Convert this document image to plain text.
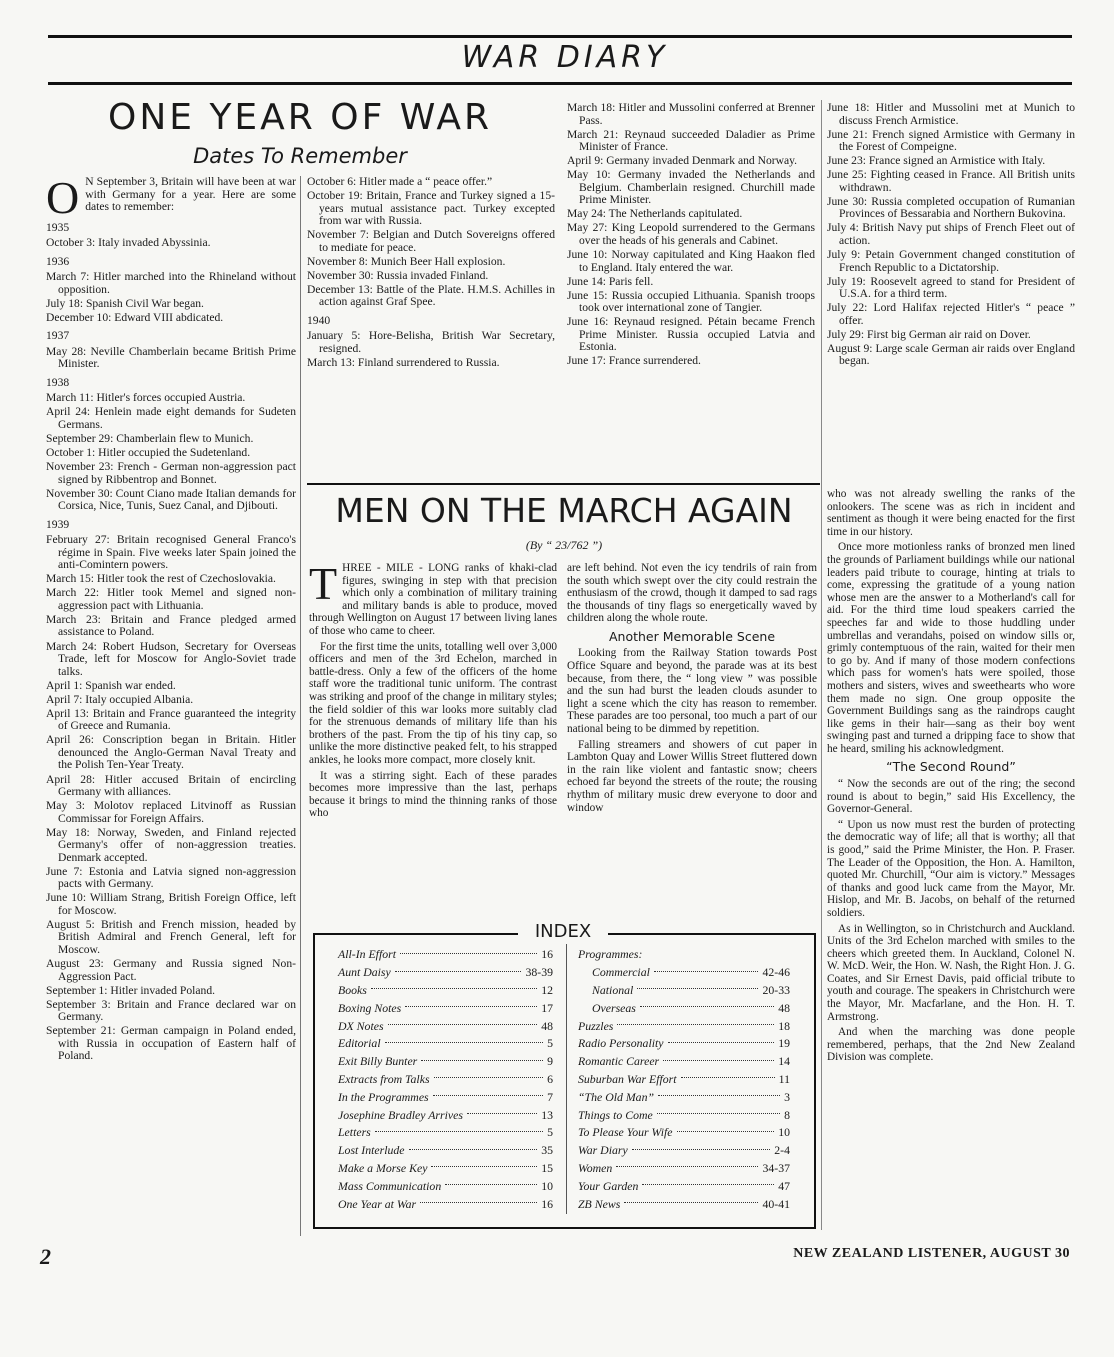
WAR DIARY
ONE YEAR OF WAR
Dates To Remember
O N September 3, Britain will have been at war with Germany for a year. Here are some dates to remember:
1935
October 3: Italy invaded Abyssinia.
1936
March 7: Hitler marched into the Rhineland without opposition.
July 18: Spanish Civil War began.
December 10: Edward VIII abdicated.
1937
May 28: Neville Chamberlain became British Prime Minister.
1938
March 11: Hitler's forces occupied Austria.
April 24: Henlein made eight demands for Sudeten Germans.
September 29: Chamberlain flew to Munich.
October 1: Hitler occupied the Sudetenland.
November 23: French - German non-aggression pact signed by Ribbentrop and Bonnet.
November 30: Count Ciano made Italian demands for Corsica, Nice, Tunis, Suez Canal, and Djibouti.
1939
February 27: Britain recognised General Franco's régime in Spain. Five weeks later Spain joined the anti-Comintern powers.
March 15: Hitler took the rest of Czechoslovakia.
March 22: Hitler took Memel and signed non-aggression pact with Lithuania.
March 23: Britain and France pledged armed assistance to Poland.
March 24: Robert Hudson, Secretary for Overseas Trade, left for Moscow for Anglo-Soviet trade talks.
April 1: Spanish war ended.
April 7: Italy occupied Albania.
April 13: Britain and France guaranteed the integrity of Greece and Rumania.
April 26: Conscription began in Britain. Hitler denounced the Anglo-German Naval Treaty and the Polish Ten-Year Treaty.
April 28: Hitler accused Britain of encircling Germany with alliances.
May 3: Molotov replaced Litvinoff as Russian Commissar for Foreign Affairs.
May 18: Norway, Sweden, and Finland rejected Germany's offer of non-aggression treaties. Denmark accepted.
June 7: Estonia and Latvia signed non-aggression pacts with Germany.
June 10: William Strang, British Foreign Office, left for Moscow.
August 5: British and French mission, headed by British Admiral and French General, left for Moscow.
August 23: Germany and Russia signed Non-Aggression Pact.
September 1: Hitler invaded Poland.
September 3: Britain and France declared war on Germany.
September 21: German campaign in Poland ended, with Russia in occupation of Eastern half of Poland.
October 6: Hitler made a “ peace offer.”
October 19: Britain, France and Turkey signed a 15-years mutual assistance pact. Turkey excepted from war with Russia.
November 7: Belgian and Dutch Sovereigns offered to mediate for peace.
November 8: Munich Beer Hall explosion.
November 30: Russia invaded Finland.
December 13: Battle of the Plate. H.M.S. Achilles in action against Graf Spee.
1940
January 5: Hore-Belisha, British War Secretary, resigned.
March 13: Finland surrendered to Russia.
March 18: Hitler and Mussolini conferred at Brenner Pass.
March 21: Reynaud succeeded Daladier as Prime Minister of France.
April 9: Germany invaded Denmark and Norway.
May 10: Germany invaded the Netherlands and Belgium. Chamberlain resigned. Churchill made Prime Minister.
May 24: The Netherlands capitulated.
May 27: King Leopold surrendered to the Germans over the heads of his generals and Cabinet.
June 10: Norway capitulated and King Haakon fled to England. Italy entered the war.
June 14: Paris fell.
June 15: Russia occupied Lithuania. Spanish troops took over international zone of Tangier.
June 16: Reynaud resigned. Pétain became French Prime Minister. Russia occupied Latvia and Estonia.
June 17: France surrendered.
June 18: Hitler and Mussolini met at Munich to discuss French Armistice.
June 21: French signed Armistice with Germany in the Forest of Compeigne.
June 23: France signed an Armistice with Italy.
June 25: Fighting ceased in France. All British units withdrawn.
June 30: Russia completed occupation of Rumanian Provinces of Bessarabia and Northern Bukovina.
July 4: British Navy put ships of French Fleet out of action.
July 9: Petain Government changed constitution of French Republic to a Dictatorship.
July 19: Roosevelt agreed to stand for President of U.S.A. for a third term.
July 22: Lord Halifax rejected Hitler's “ peace ” offer.
July 29: First big German air raid on Dover.
August 9: Large scale German air raids over England began.
MEN ON THE MARCH AGAIN
(By “ 23/762 ”)
THREE - MILE - LONG ranks of khaki-clad figures, swinging in step with that precision which only a combination of military training and military bands is able to produce, moved through Wellington on August 17 between living lanes of those who came to cheer.
For the first time the units, totalling well over 3,000 officers and men of the 3rd Echelon, marched in battle-dress. Only a few of the officers of the home staff wore the traditional tunic uniform. The contrast was striking and proof of the change in military styles; the field soldier of this war looks more suitably clad for the strenuous demands of military life than his brothers of the past. From the tip of his tiny cap, so unlike the more distinctive peaked felt, to his strapped ankles, he looks more compact, more closely knit.
It was a stirring sight. Each of these parades becomes more impressive than the last, perhaps because it brings to mind the thinning ranks of those who
are left behind. Not even the icy tendrils of rain from the south which swept over the city could restrain the enthusiasm of the crowd, though it damped to sad rags the thousands of tiny flags so energetically waved by children along the whole route.
Another Memorable Scene
Looking from the Railway Station towards Post Office Square and beyond, the parade was at its best because, from there, the “ long view ” was possible and the sun had burst the leaden clouds asunder to light a scene which the city has reason to remember. These parades are too personal, too much a part of our national being to be dimmed by repetition.
Falling streamers and showers of cut paper in Lambton Quay and Lower Willis Street fluttered down in the rain like violent and fantastic snow; cheers echoed far beyond the streets of the route; the rousing rhythm of military music drew everyone to door and window
who was not already swelling the ranks of the onlookers. The scene was as rich in incident and sentiment as though it were being enacted for the first time in our history.
Once more motionless ranks of bronzed men lined the grounds of Parliament buildings while our national leaders paid tribute to courage, hinting at trials to come, expressing the gratitude of a young nation whose men are the answer to a Motherland's call for aid. For the third time loud speakers carried the speeches far and wide to those huddling under umbrellas and verandahs, poised on window sills or, grimly contemptuous of the rain, waited for their men to go by. And if many of those modern confections which pass for women's hats were spoiled, those mothers and sisters, wives and sweethearts who wore them made no sign. One group opposite the Government Buildings sang as the raindrops caught like gems in their hair—sang as their boy went swinging past and turned a dripping face to show that he heard, smiling his acknowledgment.
“The Second Round”
“ Now the seconds are out of the ring; the second round is about to begin,” said His Excellency, the Governor-General.
“ Upon us now must rest the burden of protecting the democratic way of life; all that is worthy; all that is good,” said the Prime Minister, the Hon. P. Fraser. The Leader of the Opposition, the Hon. A. Hamilton, quoted Mr. Churchill, “Our aim is victory.” Messages of thanks and good luck came from the Mayor, Mr. Hislop, and Mr. B. Jacobs, on behalf of the returned soldiers.
As in Wellington, so in Christchurch and Auckland. Units of the 3rd Echelon marched with smiles to the cheers which greeted them. In Auckland, Colonel N. W. McD. Weir, the Hon. W. Nash, the Right Hon. J. G. Coates, and Sir Ernest Davis, paid official tribute to youth and courage. The speakers in Christchurch were the Mayor, Mr. Macfarlane, and the Hon. H. T. Armstrong.
And when the marching was done people remembered, perhaps, that the 2nd New Zealand Division was complete.
INDEX
All-In Effort	16
Aunt Daisy	38-39
Books	12
Boxing Notes	17
DX Notes	48
Editorial	5
Exit Billy Bunter	9
Extracts from Talks	6
In the Programmes	7
Josephine Bradley Arrives	13
Letters	5
Lost Interlude	35
Make a Morse Key	15
Mass Communication	10
One Year at War	16
Programmes:
Commercial	42-46
National	20-33
Overseas	48
Puzzles	18
Radio Personality	19
Romantic Career	14
Suburban War Effort	11
“The Old Man”	3
Things to Come	8
To Please Your Wife	10
War Diary	2-4
Women	34-37
Your Garden	47
ZB News	40-41
2	NEW ZEALAND LISTENER, AUGUST 30
